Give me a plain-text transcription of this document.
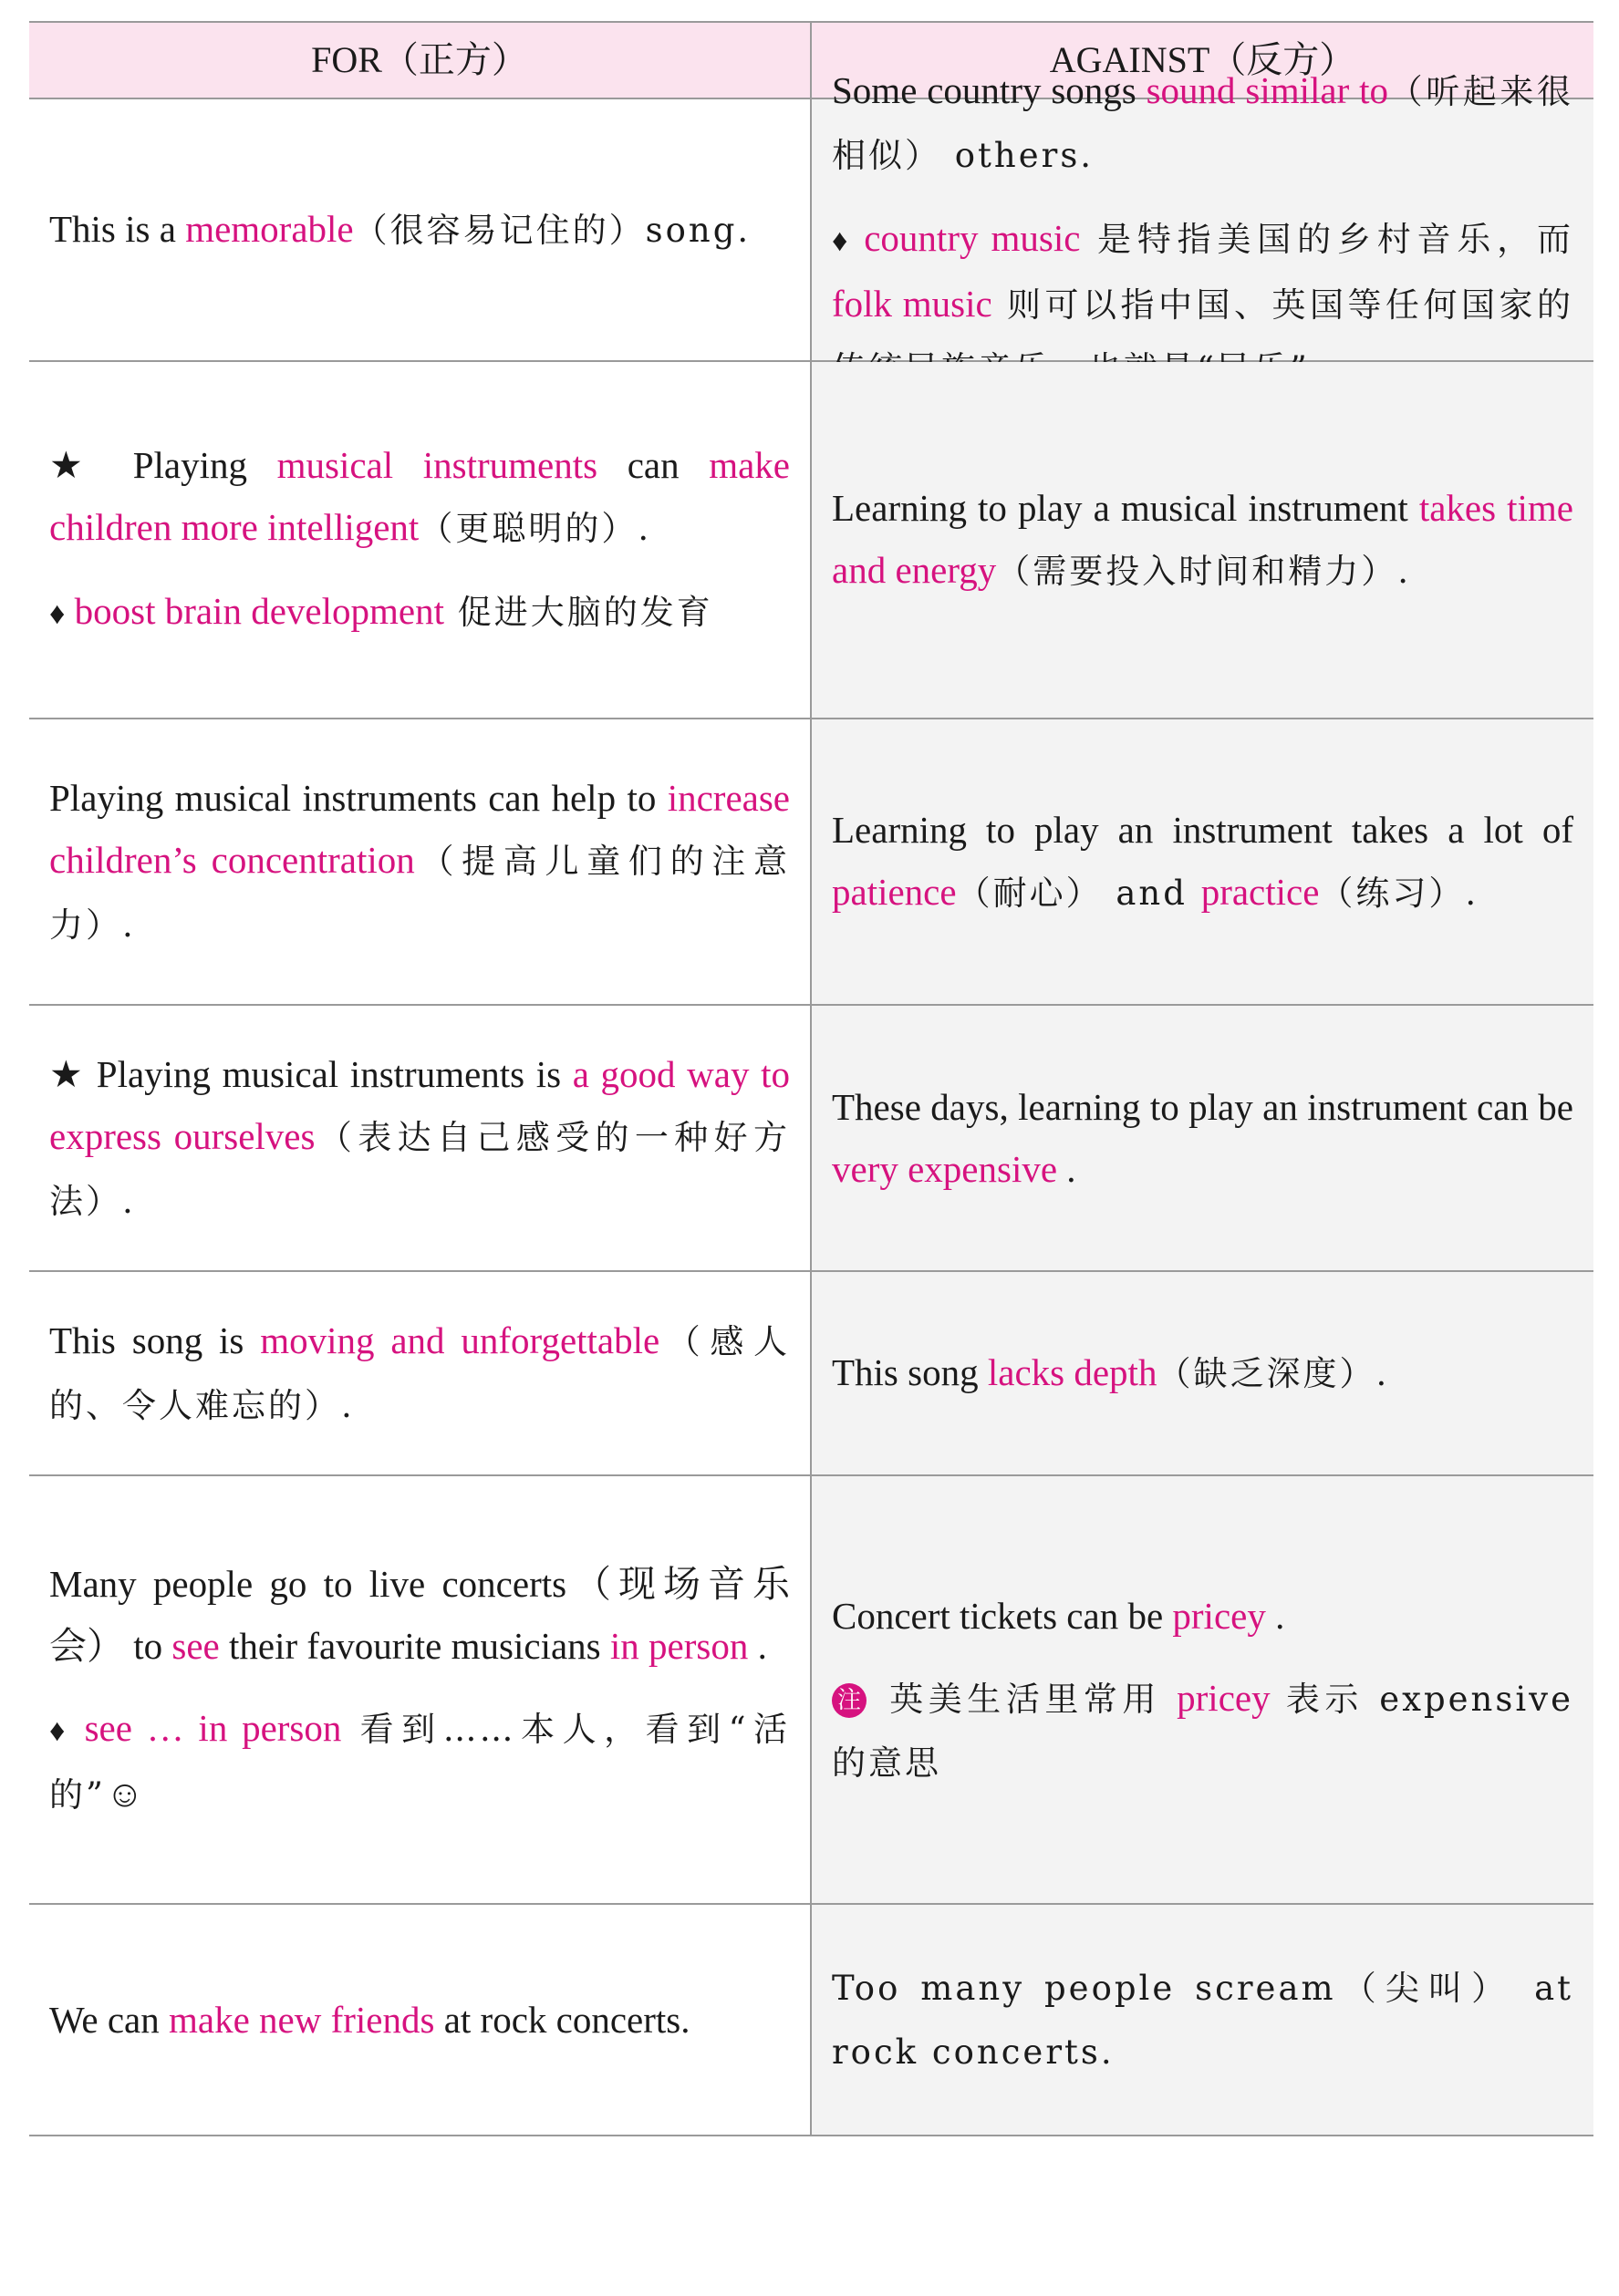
FOR（正方）	AGAINST（反方）

This is a memorable（很容易记住的）song.

Some country songs sound similar to（听起来很相似） others.

♦ country music 是特指美国的乡村音乐，而 folk music 则可以指中国、英国等任何国家的

★ Playing musical instruments can make children more intelligent（更聪明的）.

♦ boost brain development 促进大脑的发育

Learning to play a musical instrument takes time and energy（需要投入时间和精力）.

Playing musical instruments can help to increase children’s concentration（提高儿童们的注意力）.

Learning to play an instrument takes a lot of patience（耐心） and practice（练习）.

★ Playing musical instruments is a good way to express ourselves（表达自己感受的一种好方法）.

These days, learning to play an instrument can be very expensive .

This song is moving and unforgettable（感人的、令人难忘的）.

This song lacks depth（缺乏深度）.

Many people go to live concerts（现场音乐会） to see their favourite musicians in person .

♦ see … in person 看到……本人，看到“活的”☺

Concert tickets can be pricey .

注 英美生活里常用 pricey 表示 expensive 的意思

We can make new friends at rock concerts.

Too many people scream（尖叫） at rock concerts.
